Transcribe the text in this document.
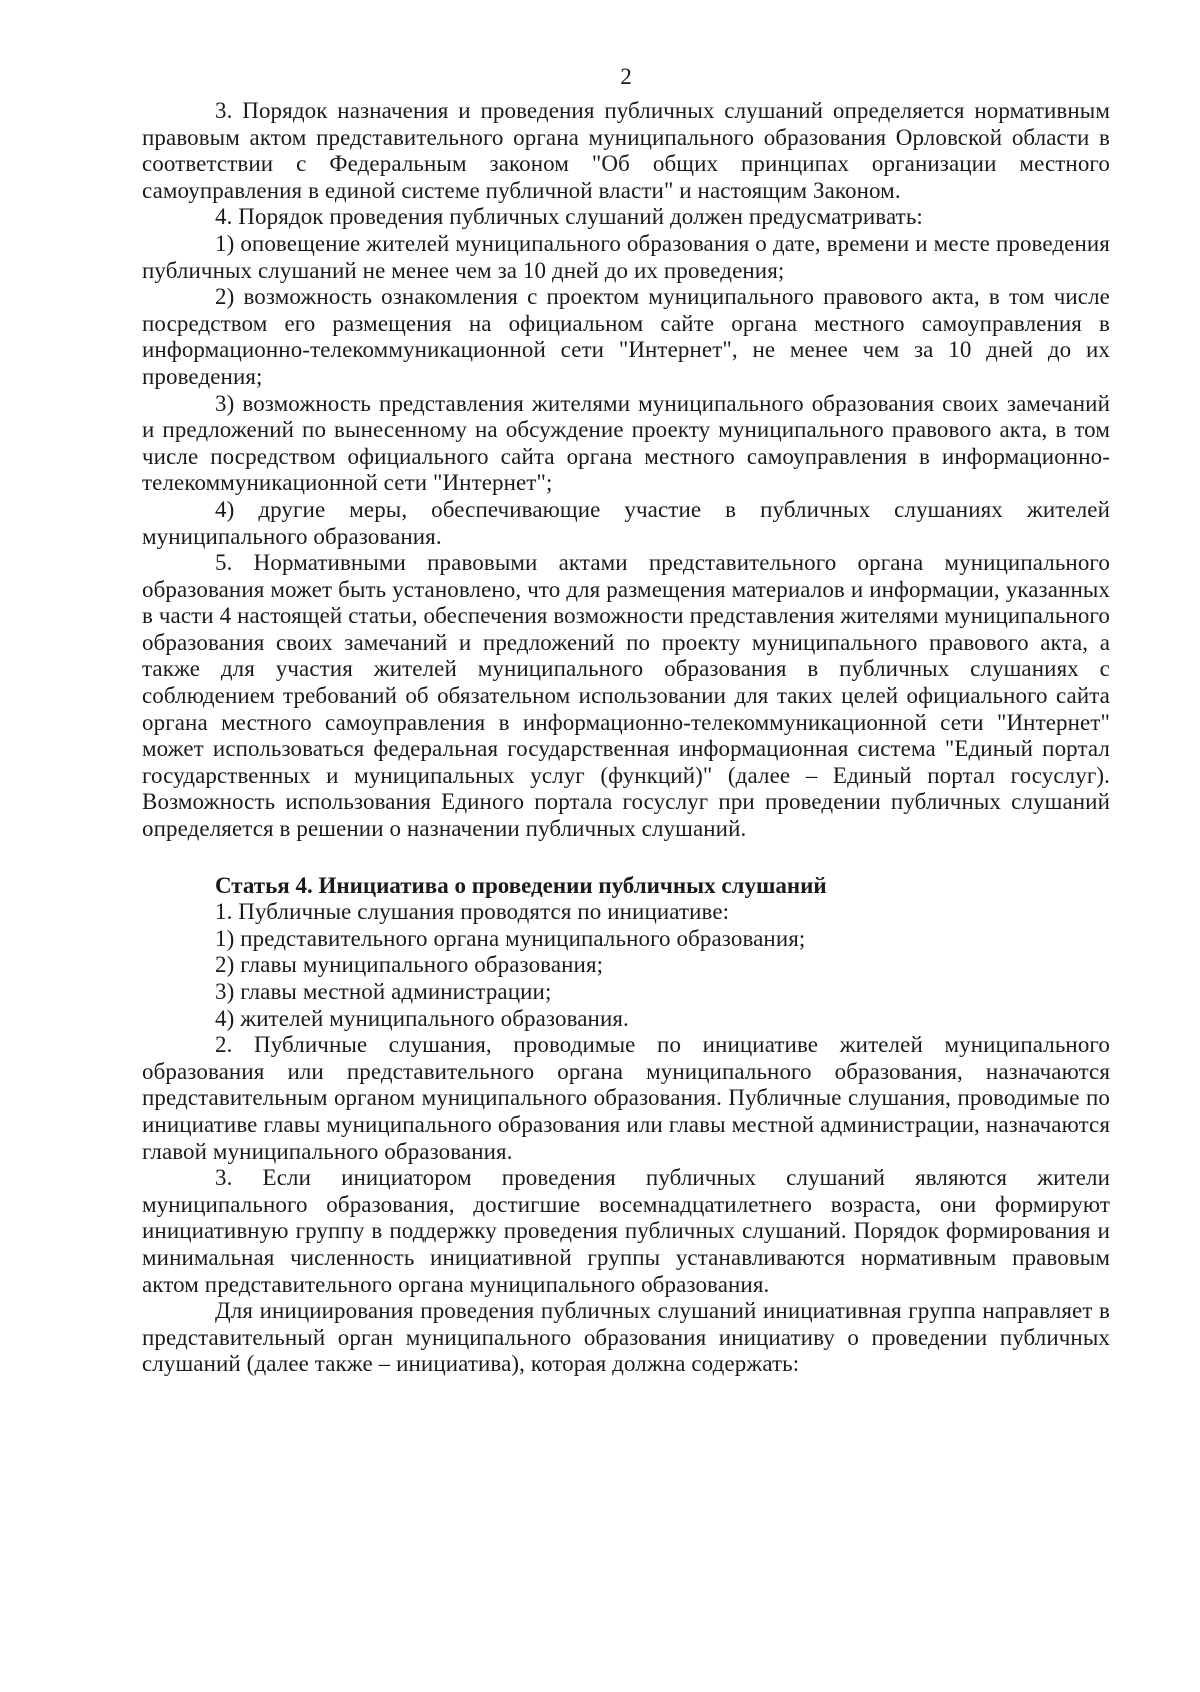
2

3. Порядок назначения и проведения публичных слушаний определяется нормативным правовым актом представительного органа муниципального образования Орловской области в соответствии с Федеральным законом "Об общих принципах организации местного самоуправления в единой системе публичной власти" и настоящим Законом.

4. Порядок проведения публичных слушаний должен предусматривать:

1) оповещение жителей муниципального образования о дате, времени и месте проведения публичных слушаний не менее чем за 10 дней до их проведения;

2) возможность ознакомления с проектом муниципального правового акта, в том числе посредством его размещения на официальном сайте органа местного самоуправления в информационно-телекоммуникационной сети "Интернет", не менее чем за 10 дней до их проведения;

3) возможность представления жителями муниципального образования своих замечаний и предложений по вынесенному на обсуждение проекту муниципального правового акта, в том числе посредством официального сайта органа местного самоуправления в информационно-телекоммуникационной сети "Интернет";

4) другие меры, обеспечивающие участие в публичных слушаниях жителей муниципального образования.

5. Нормативными правовыми актами представительного органа муниципального образования может быть установлено, что для размещения материалов и информации, указанных в части 4 настоящей статьи, обеспечения возможности представления жителями муниципального образования своих замечаний и предложений по проекту муниципального правового акта, а также для участия жителей муниципального образования в публичных слушаниях с соблюдением требований об обязательном использовании для таких целей официального сайта органа местного самоуправления в информационно-телекоммуникационной сети "Интернет" может использоваться федеральная государственная информационная система "Единый портал государственных и муниципальных услуг (функций)" (далее – Единый портал госуслуг). Возможность использования Единого портала госуслуг при проведении публичных слушаний определяется в решении о назначении публичных слушаний.

Статья 4. Инициатива о проведении публичных слушаний

1. Публичные слушания проводятся по инициативе:

1) представительного органа муниципального образования;

2) главы муниципального образования;

3) главы местной администрации;

4) жителей муниципального образования.

2. Публичные слушания, проводимые по инициативе жителей муниципального образования или представительного органа муниципального образования, назначаются представительным органом муниципального образования. Публичные слушания, проводимые по инициативе главы муниципального образования или главы местной администрации, назначаются главой муниципального образования.

3. Если инициатором проведения публичных слушаний являются жители муниципального образования, достигшие восемнадцатилетнего возраста, они формируют инициативную группу в поддержку проведения публичных слушаний. Порядок формирования и минимальная численность инициативной группы устанавливаются нормативным правовым актом представительного органа муниципального образования.

Для инициирования проведения публичных слушаний инициативная группа направляет в представительный орган муниципального образования инициативу о проведении публичных слушаний (далее также – инициатива), которая должна содержать:
